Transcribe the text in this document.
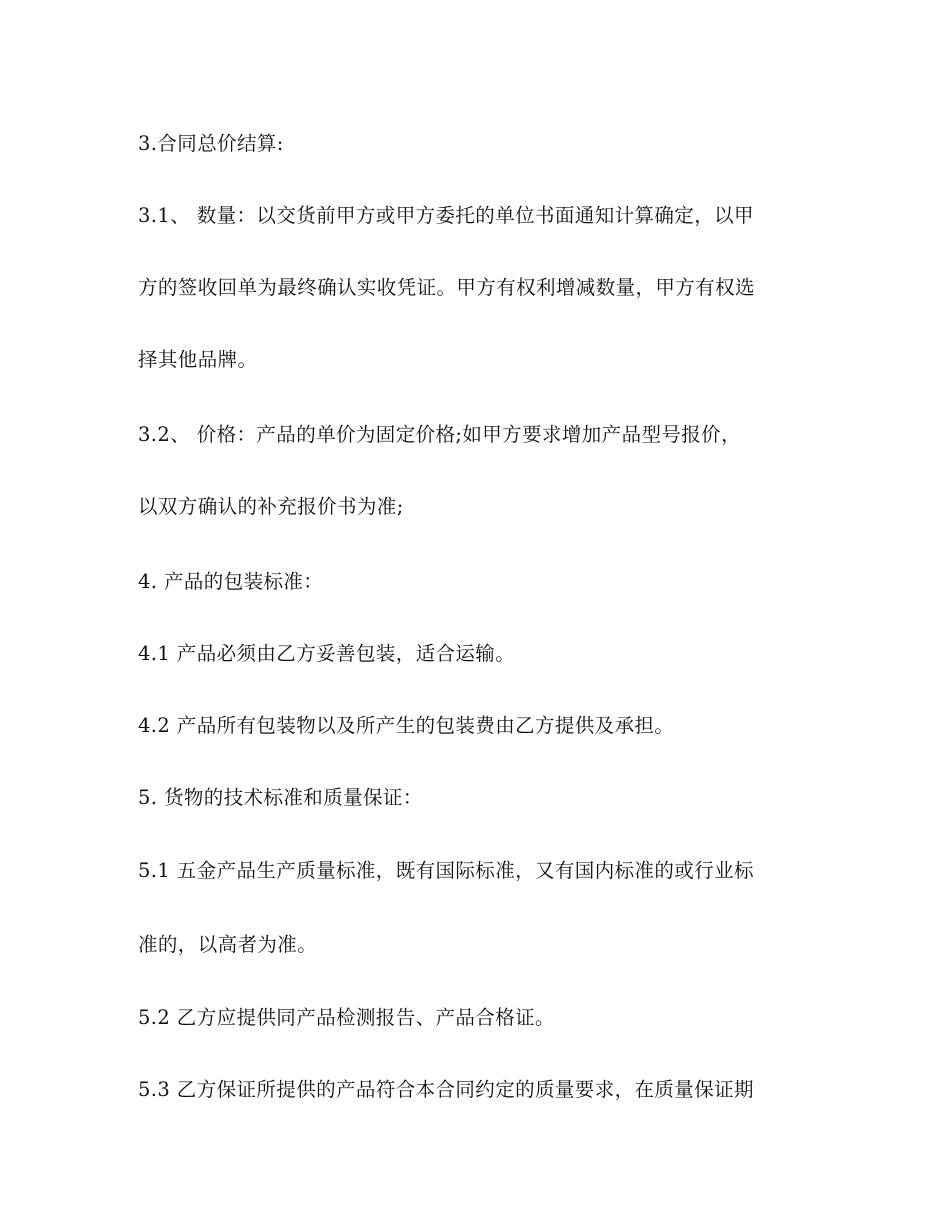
3.合同总价结算:
3.1、 数量：以交货前甲方或甲方委托的单位书面通知计算确定，以甲
方的签收回单为最终确认实收凭证。甲方有权利增减数量，甲方有权选
择其他品牌。
3.2、 价格：产品的单价为固定价格;如甲方要求增加产品型号报价，
以双方确认的补充报价书为准;
4. 产品的包装标准：
4.1 产品必须由乙方妥善包装，适合运输。
4.2 产品所有包装物以及所产生的包装费由乙方提供及承担。
5. 货物的技术标准和质量保证：
5.1 五金产品生产质量标准，既有国际标准，又有国内标准的或行业标
准的，以高者为准。
5.2 乙方应提供同产品检测报告、产品合格证。
5.3 乙方保证所提供的产品符合本合同约定的质量要求，在质量保证期
